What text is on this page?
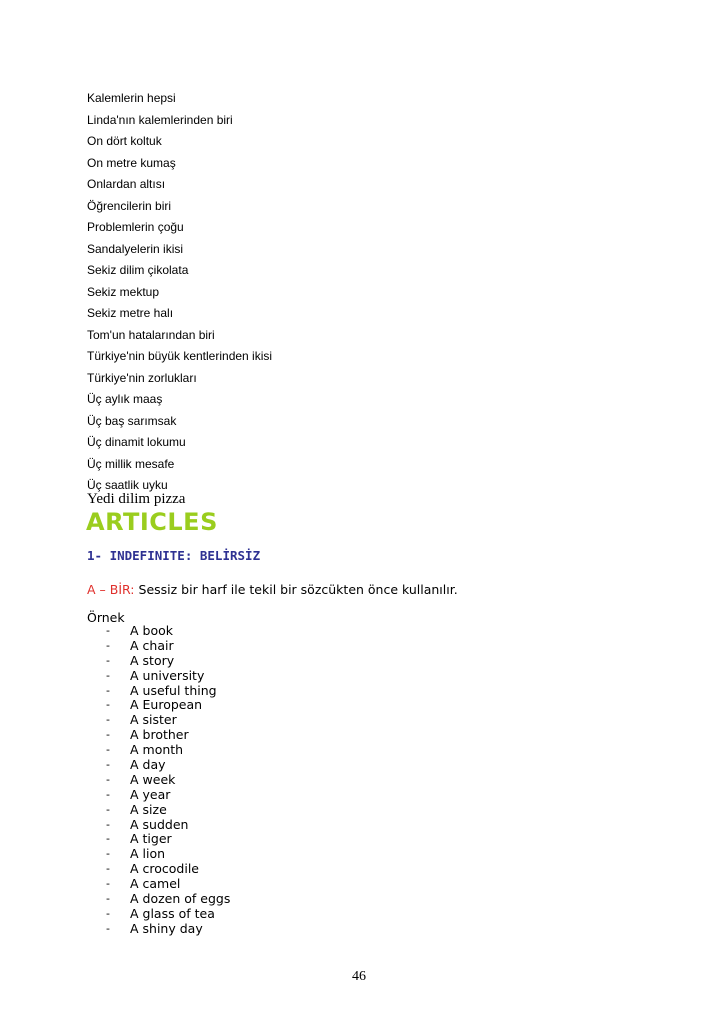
Kalemlerin hepsi
Linda'nın kalemlerinden biri
On dört koltuk
On metre kumaş
Onlardan altısı
Öğrencilerin biri
Problemlerin çoğu
Sandalyelerin ikisi
Sekiz dilim çikolata
Sekiz mektup
Sekiz metre halı
Tom'un hatalarından biri
Türkiye'nin büyük kentlerinden ikisi
Türkiye'nin zorlukları
Üç aylık maaş
Üç baş sarımsak
Üç dinamit lokumu
Üç millik mesafe
Üç saatlik uyku
Yedi dilim pizza
ARTICLES
1- INDEFINITE: BELİRSİZ
A – BİR: Sessiz bir harf ile tekil bir sözcükten önce kullanılır.
Örnek
- A book
- A chair
- A story
- A university
- A useful thing
- A European
- A sister
- A brother
- A month
- A day
- A week
- A year
- A size
- A sudden
- A tiger
- A lion
- A crocodile
- A camel
- A dozen of eggs
- A glass of tea
- A shiny day
46
